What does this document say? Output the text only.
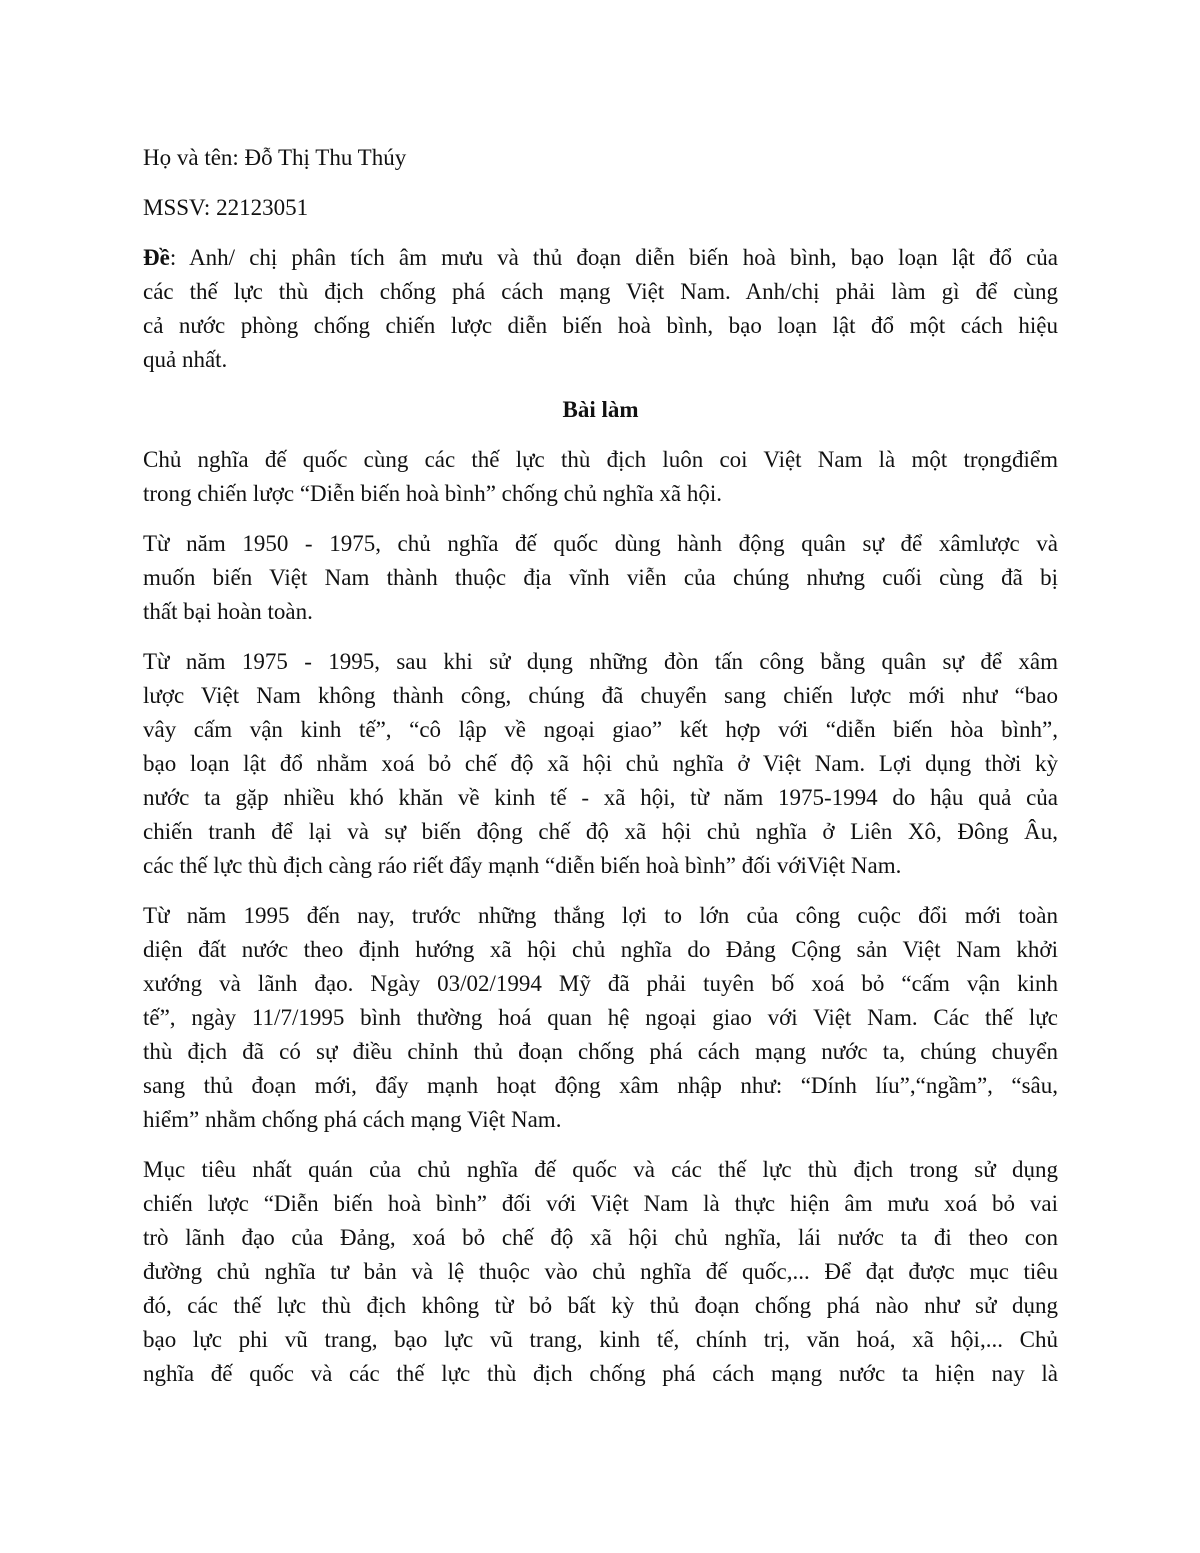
Họ và tên: Đỗ Thị Thu Thúy

MSSV: 22123051

Đề: Anh/ chị phân tích âm mưu và thủ đoạn diễn biến hoà bình, bạo loạn lật đổ của
các thế lực thù địch chống phá cách mạng Việt Nam. Anh/chị phải làm gì để cùng
cả nước phòng chống chiến lược diễn biến hoà bình, bạo loạn lật đổ một cách hiệu
quả nhất.

Bài làm

Chủ nghĩa đế quốc cùng các thế lực thù địch luôn coi Việt Nam là một trọngđiểm
trong chiến lược “Diễn biến hoà bình” chống chủ nghĩa xã hội.

Từ năm 1950 - 1975, chủ nghĩa đế quốc dùng hành động quân sự để xâmlược và
muốn biến Việt Nam thành thuộc địa vĩnh viễn của chúng nhưng cuối cùng đã bị
thất bại hoàn toàn.

Từ năm 1975 - 1995, sau khi sử dụng những đòn tấn công bằng quân sự để xâm
lược Việt Nam không thành công, chúng đã chuyển sang chiến lược mới như “bao
vây cấm vận kinh tế”, “cô lập về ngoại giao” kết hợp với “diễn biến hòa bình”,
bạo loạn lật đổ nhằm xoá bỏ chế độ xã hội chủ nghĩa ở Việt Nam. Lợi dụng thời kỳ
nước ta gặp nhiều khó khăn về kinh tế - xã hội, từ năm 1975-1994 do hậu quả của
chiến tranh để lại và sự biến động chế độ xã hội chủ nghĩa ở Liên Xô, Đông Âu,
các thế lực thù địch càng ráo riết đẩy mạnh “diễn biến hoà bình” đối vớiViệt Nam.

Từ năm 1995 đến nay, trước những thắng lợi to lớn của công cuộc đổi mới toàn
diện đất nước theo định hướng xã hội chủ nghĩa do Đảng Cộng sản Việt Nam khởi
xướng và lãnh đạo. Ngày 03/02/1994 Mỹ đã phải tuyên bố xoá bỏ “cấm vận kinh
tế”, ngày 11/7/1995 bình thường hoá quan hệ ngoại giao với Việt Nam. Các thế lực
thù địch đã có sự điều chỉnh thủ đoạn chống phá cách mạng nước ta, chúng chuyển
sang thủ đoạn mới, đẩy mạnh hoạt động xâm nhập như: “Dính líu”,“ngầm”, “sâu,
hiểm” nhằm chống phá cách mạng Việt Nam.

Mục tiêu nhất quán của chủ nghĩa đế quốc và các thế lực thù địch trong sử dụng
chiến lược “Diễn biến hoà bình” đối với Việt Nam là thực hiện âm mưu xoá bỏ vai
trò lãnh đạo của Đảng, xoá bỏ chế độ xã hội chủ nghĩa, lái nước ta đi theo con
đường chủ nghĩa tư bản và lệ thuộc vào chủ nghĩa đế quốc,... Để đạt được mục tiêu
đó, các thế lực thù địch không từ bỏ bất kỳ thủ đoạn chống phá nào như sử dụng
bạo lực phi vũ trang, bạo lực vũ trang, kinh tế, chính trị, văn hoá, xã hội,... Chủ
nghĩa đế quốc và các thế lực thù địch chống phá cách mạng nước ta hiện nay là
